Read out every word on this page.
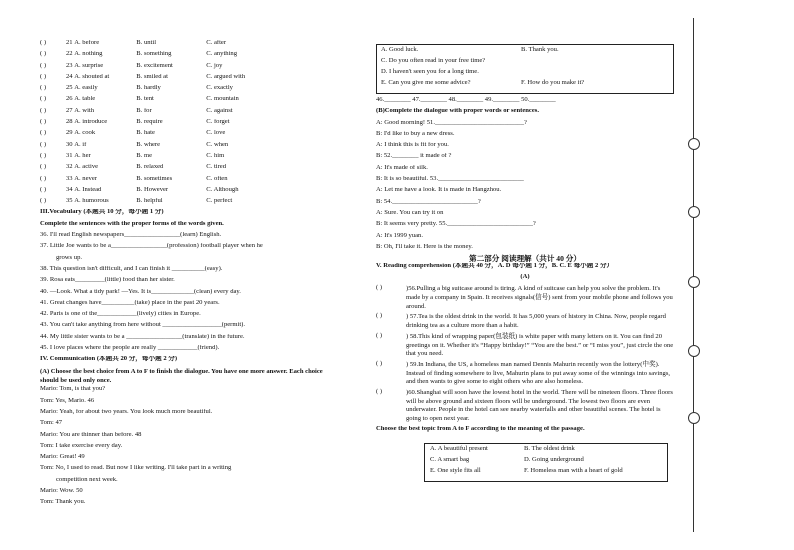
( )	21 A. before	B. until	C. after
( )	22 A. nothing	B. something	C. anything
( )	23 A. surprise	B. excitement	C. joy
( )	24 A. shouted at	B. smiled at	C. argued with
( )	25 A. easily	B. hardly	C. exactly
( )	26 A. table	B. tent	C. mountain
( )	27 A. with	B. for	C. against
( )	28 A. introduce	B. require	C. forget
( )	29 A. cook	B. hate	C. love
( )	30 A. if	B. where	C. when
( )	31 A. her	B. me	C. him
( )	32 A. active	B. relaxed	C. tired
( )	33 A. never	B. sometimes	C. often
( )	34 A. Instead	B. However	C. Although
( )	35 A. humorous	B. helpful	C. perfect
III.Vocabulary (本题共 10 分，每小题 1 分)
Complete the sentences with the proper forms of the words given.
36. I'll read English newspapers_________________(learn) English.
37. Little Joe wants to be a_________________(profession) football player when he
grows up.
38. This question isn't difficult, and I can finish it __________(easy).
39. Rosa eats_________(little) food than her sister.
40. —Look. What a tidy park! —Yes. It is_____________(clean) every day.
41. Great changes have__________(take) place in the past 20 years.
42. Paris is one of the____________(lively) cities in Europe.
43. You can't take anything from here without __________________(permit).
44. My little sister wants to be a _________________(translate) in the future.
45. I love places where the people are really ____________(friend).
IV. Communication (本题共 20 分，每小题 2 分)
(A) Choose the best choice from A to F to finish the dialogue. You have one more answer. Each choice should be used only once.
Mario: Tom, is that you?
Tom: Yes, Mario. 46
Mario: Yeah, for about two years. You look much more beautiful.
Tom: 47
Mario: You are thinner than before. 48
Tom: I take exercise every day.
Mario: Great! 49
Tom: No, I used to read. But now I like writing. I'll take part in a writing
competition next week.
Mario: Wow. 50
Tom: Thank you.
A. Good luck.	B. Thank you.
C. Do you often read in your free time?
D. I haven't seen you for a long time.
E. Can you give me some advice?	F. How do you make it?
46.________ 47.________ 48.________ 49.________ 50.________
(B)Complete the dialogue with proper words or sentences.
A: Good morning! 51.___________________________?
B: I'd like to buy a new dress.
A: I think this is fit for you.
B: 52.________ it made of ?
A: It's made of silk.
B: It is so beautiful. 53.__________________________
A: Let me have a look. It is made in Hangzhou.
B: 54.__________________________?
A: Sure. You can try it on
B: It seems very pretty. 55.__________________________?
A: It's 1999 yuan.
B: Oh, I'll take it. Here is the money.
第二部分 阅读理解（共计 40 分）
V. Reading comprehension (本题共 40 分，A. D 每小题 1 分，B. C. E 每小题 2 分）
(A)
( )	)56.Pulling a big suitcase around is tiring. A kind of suitcase can help you solve the problem. It's made by a company in Spain. It receives signals(信号) sent from your mobile phone and follows you around.
( )	) 57.Tea is the oldest drink in the world. It has 5,000 years of history in China. Now, people regard drinking tea as a culture more than a habit.
( )	) 58.This kind of wrapping paper(包装纸) is white paper with many letters on it. You can find 20 greetings on it. Whether it's “Happy birthday!” “You are the best.” or “I miss you”, just circle the one that you need.
( )	) 59.In Indiana, the US, a homeless man named Dennis Mahurin recently won the lottery(中奖). Instead of finding somewhere to live, Mahurin plans to put away some of the winnings into savings, and then wants to give some to eight others who are also homeless.
( )	)60.Shanghai will soon have the lowest hotel in the world. There will be nineteen floors. Three floors will be above ground and sixteen floors will be underground. The lowest two floors are even underwater. People in the hotel can see nearby waterfalls and other beautiful scenes. The hotel is going to open next year.
Choose the best topic from A to F according to the meaning of the passage.
A. A beautiful present	B. The oldest drink
C. A smart bag	D. Going underground
E. One style fits all	F. Homeless man with a heart of gold
